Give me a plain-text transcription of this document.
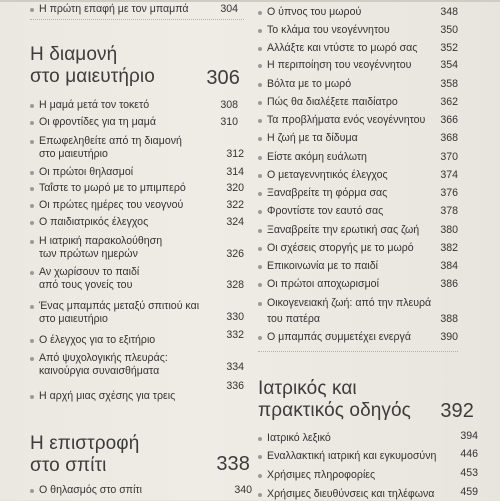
Η πρώτη επαφή με τον μπαμπά	304
Η διαμονή
στο μαιευτήριο	306
Η μαμά μετά τον τοκετό	308
Οι φροντίδες για τη μαμά	310
Επωφεληθείτε από τη διαμονή
στο μαιευτήριο	312
Οι πρώτοι θηλασμοί	314
Ταΐστε το μωρό με το μπιμπερό	320
Οι πρώτες ημέρες του νεογνού	322
Ο παιδιατρικός έλεγχος	324
Η ιατρική παρακολούθηση
των πρώτων ημερών	326
Αν χωρίσουν το παιδί
από τους γονείς του	328
Ένας μπαμπάς μεταξύ σπιτιού και
στο μαιευτήριο	330
Ο έλεγχος για το εξιτήριο	332
Από ψυχολογικής πλευράς:
καινούργια συναισθήματα	334
Η αρχή μιας σχέσης για τρεις
336
Η επιστροφή
στο σπίτι	338
Ο θηλασμός στο σπίτι	340
Ο ύπνος του μωρού	348
Το κλάμα του νεογέννητου	350
Αλλάξτε και ντύστε το μωρό σας	352
Η περιποίηση του νεογέννητου	354
Βόλτα με το μωρό	358
Πώς θα διαλέξετε παιδίατρο	362
Τα προβλήματα ενός νεογέννητου	366
Η ζωή με τα δίδυμα	368
Είστε ακόμη ευάλωτη	370
Ο μεταγεννητικός έλεγχος	374
Ξαναβρείτε τη φόρμα σας	376
Φροντίστε τον εαυτό σας	378
Ξαναβρείτε την ερωτική σας ζωή	380
Οι σχέσεις στοργής με το μωρό	382
Επικοινωνία με το παιδί	384
Οι πρώτοι αποχωρισμοί	386
Οικογενειακή ζωή: από την πλευρά
του πατέρα	388
Ο μπαμπάς συμμετέχει ενεργά	390
Ιατρικός και
πρακτικός οδηγός	392
Ιατρικό λεξικό	394
Εναλλακτική ιατρική και εγκυμοσύνη 446
Χρήσιμες πληροφορίες	453
Χρήσιμες διευθύνσεις και τηλέφωνα	459
